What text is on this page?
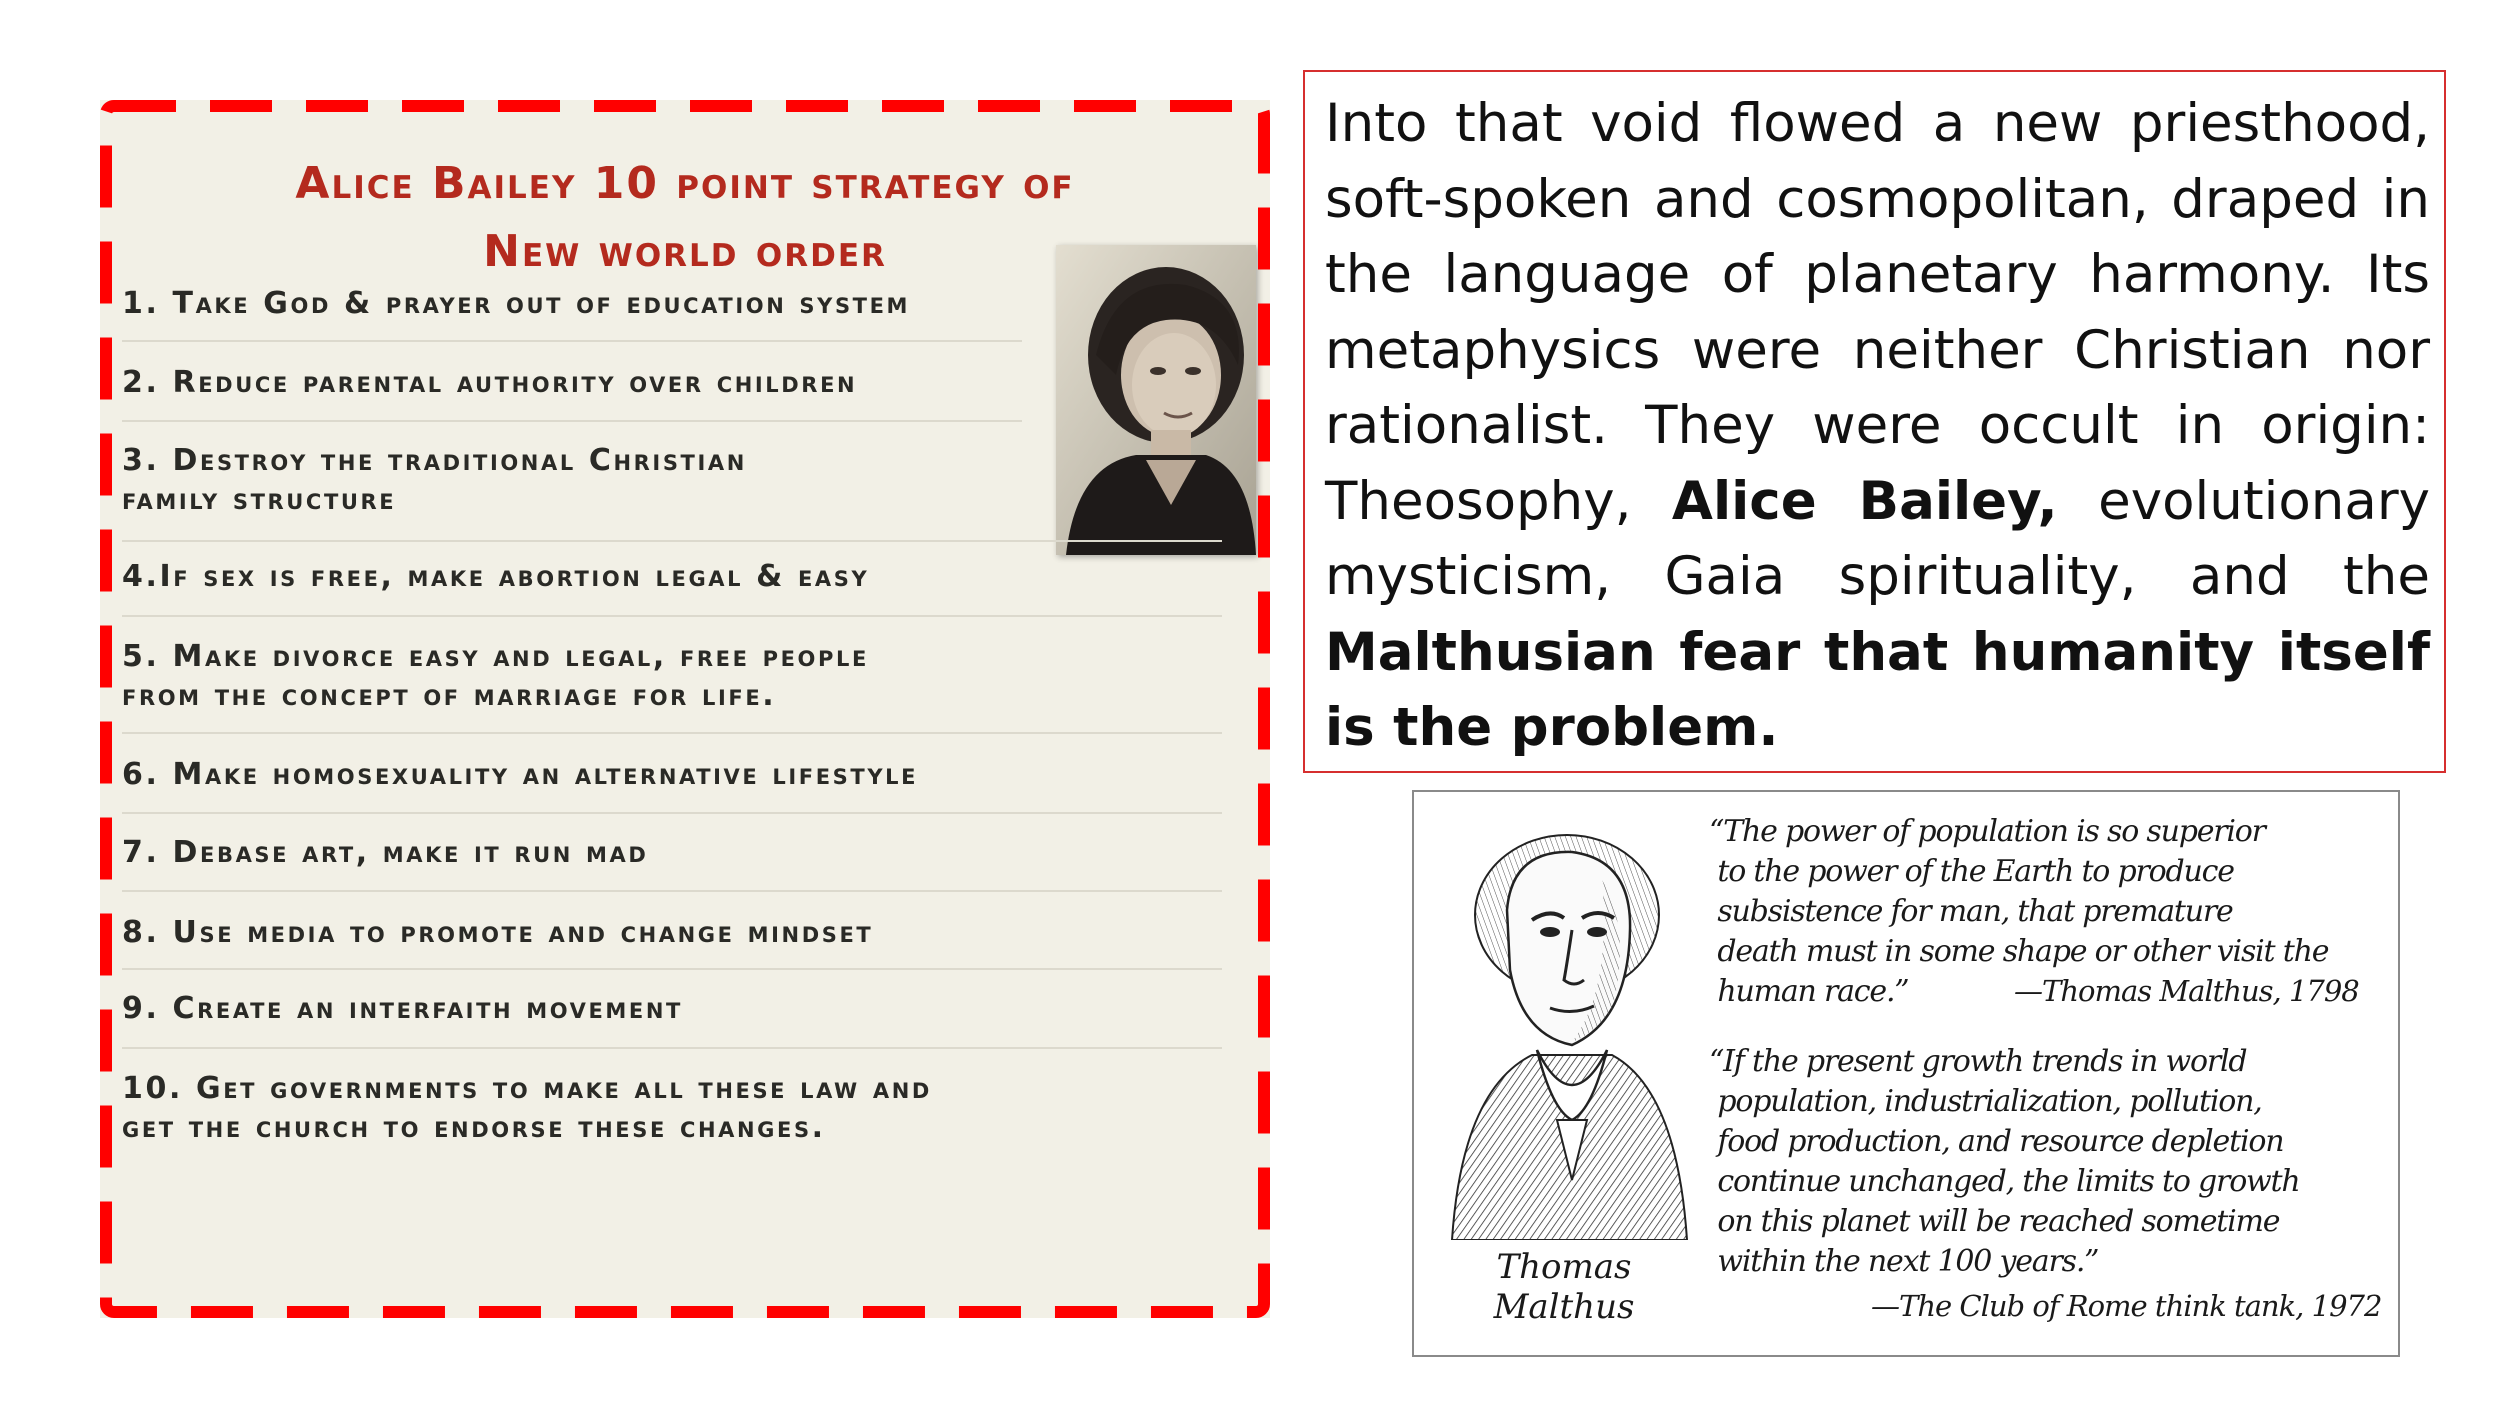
Alice Bailey 10 point strategy of
New world order
1. Take God & prayer out of education system
2. Reduce parental authority over children
3. Destroy the traditional Christian
family structure
4.If sex is free, make abortion legal & easy
5. Make divorce easy and legal, free people
from the concept of marriage for life.
6. Make homosexuality an alternative lifestyle
7. Debase art, make it run mad
8. Use media to promote and change mindset
9. Create an interfaith movement
10. Get governments to make all these law and
get the church to endorse these changes.

Into that void flowed a new priesthood, soft-spoken and cosmopolitan, draped in the language of planetary harmony. Its metaphysics were neither Christian nor rationalist. They were occult in origin: Theosophy, Alice Bailey, evolutionary mysticism, Gaia spirituality, and the Malthusian fear that humanity itself is the problem.

Thomas
Malthus
“The power of population is so superior
to the power of the Earth to produce
subsistence for man, that premature
death must in some shape or other visit the
human race.”	—Thomas Malthus, 1798
“If the present growth trends in world
population, industrialization, pollution,
food production, and resource depletion
continue unchanged, the limits to growth
on this planet will be reached sometime
within the next 100 years.”
—The Club of Rome think tank, 1972
